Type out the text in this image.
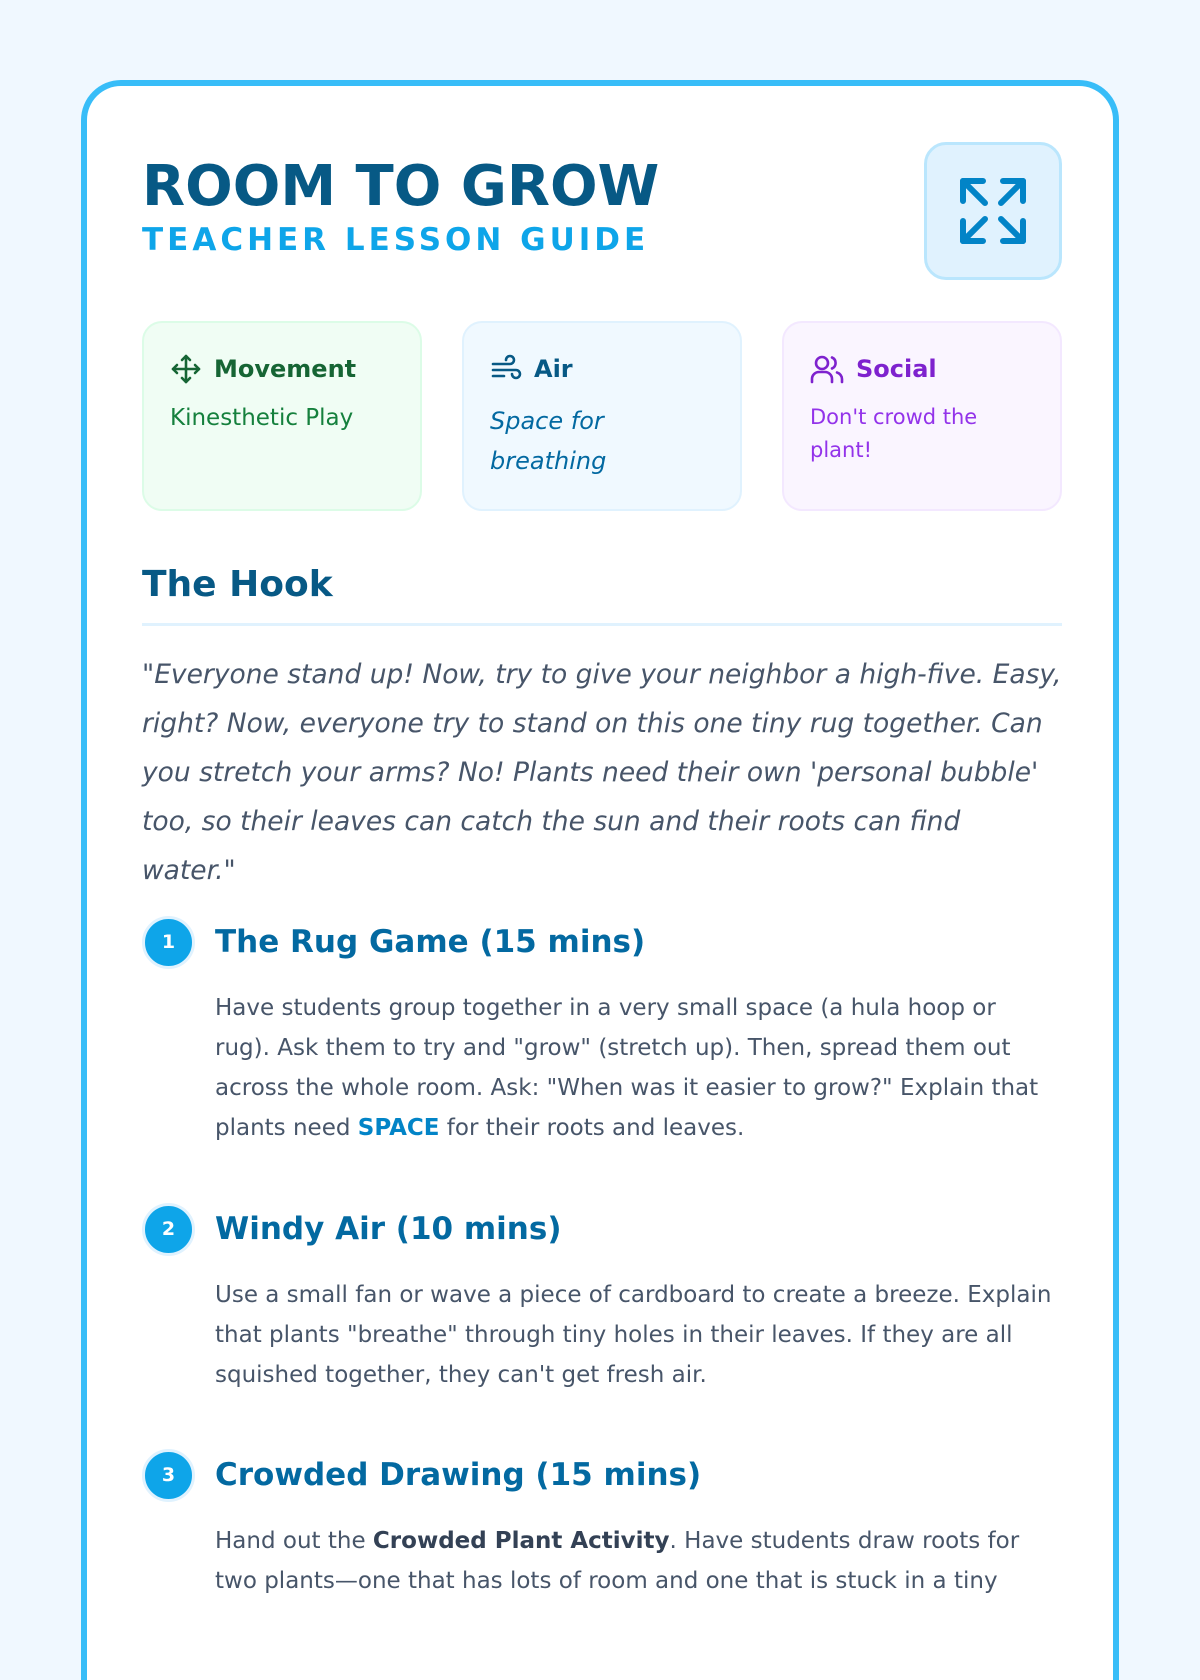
ROOM TO GROW
TEACHER LESSON GUIDE
Movement
Kinesthetic Play
Air
Space for breathing
Social
Don't crowd the plant!
The Hook
"Everyone stand up! Now, try to give your neighbor a high-five. Easy, right? Now, everyone try to stand on this one tiny rug together. Can you stretch your arms? No! Plants need their own 'personal bubble' too, so their leaves can catch the sun and their roots can find water."
1	The Rug Game (15 mins)
Have students group together in a very small space (a hula hoop or rug). Ask them to try and "grow" (stretch up). Then, spread them out across the whole room. Ask: "When was it easier to grow?" Explain that plants need SPACE for their roots and leaves.
2	Windy Air (10 mins)
Use a small fan or wave a piece of cardboard to create a breeze. Explain that plants "breathe" through tiny holes in their leaves. If they are all squished together, they can't get fresh air.
3	Crowded Drawing (15 mins)
Hand out the Crowded Plant Activity. Have students draw roots for two plants—one that has lots of room and one that is stuck in a tiny
